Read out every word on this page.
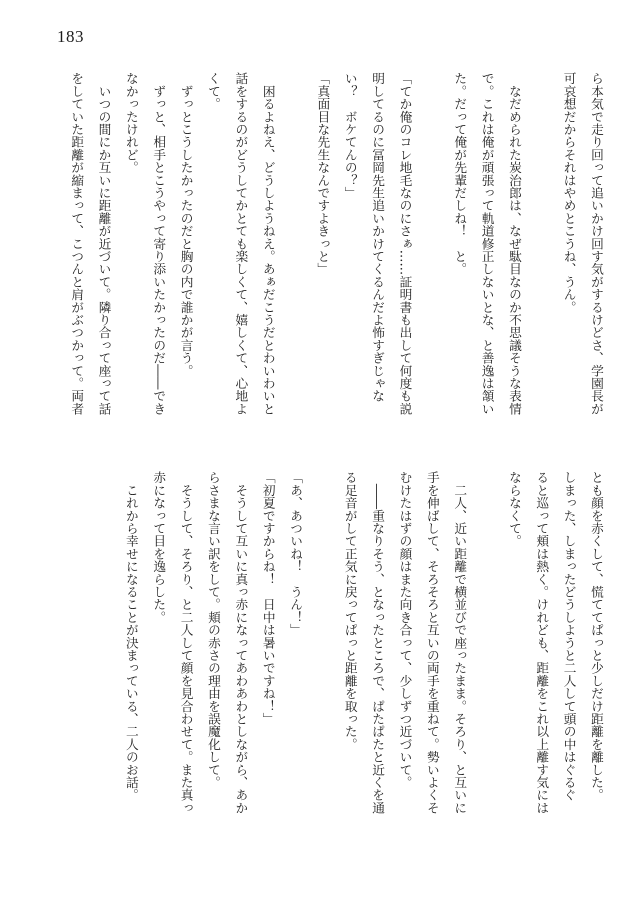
183
ら本気で走り回って追いかけ回す気がするけどさ、学園長が
可哀想だからそれはやめとこうね、うん。
　なだめられた炭治郎は、なぜ駄目なのか不思議そうな表情
で。これは俺が頑張って軌道修正しないとな、と善逸は頷い
た。だって俺が先輩だしね！　と。
「てか俺のコレ地毛なのにさぁ……証明書も出して何度も説
明してるのに冨岡先生追いかけてくるんだよ怖すぎじゃな
い？　ボケてんの？」
「真面目な先生なんですよきっと」
　困るよねえ、どうしようねえ。あぁだこうだとわいわいと
話をするのがどうしてかとても楽しくて、嬉しくて、心地よ
くて。
　ずっとこうしたかったのだと胸の内で誰かが言う。
　ずっと、相手とこうやって寄り添いたかったのだ――でき
なかったけれど。
　いつの間にか互いに距離が近づいて。隣り合って座って話
をしていた距離が縮まって、こつんと肩がぶつかって。両者
とも顔を赤くして、慌ててぱっと少しだけ距離を離した。
しまった、しまったどうしようと二人して頭の中はぐるぐ
ると巡って頬は熱く。けれども、距離をこれ以上離す気には
ならなくて。
　二人、近い距離で横並びで座ったまま。そろり、と互いに
手を伸ばして、そろそろと互いの両手を重ねて。勢いよくそ
むけたはずの顔はまた向き合って、少しずつ近づいて。
　――重なりそう、となったところで、ぱたぱたと近くを通
る足音がして正気に戻ってぱっと距離を取った。
「あ、あついね！　うん！」
「初夏ですからね！　日中は暑いですね！」
　そうして互いに真っ赤になってあわあわとしながら、あか
らさまな言い訳をして。頬の赤さの理由を誤魔化して。
　そうして、そろり、と二人して顔を見合わせて。また真っ
赤になって目を逸らした。
　これから幸せになることが決まっている、二人のお話。
